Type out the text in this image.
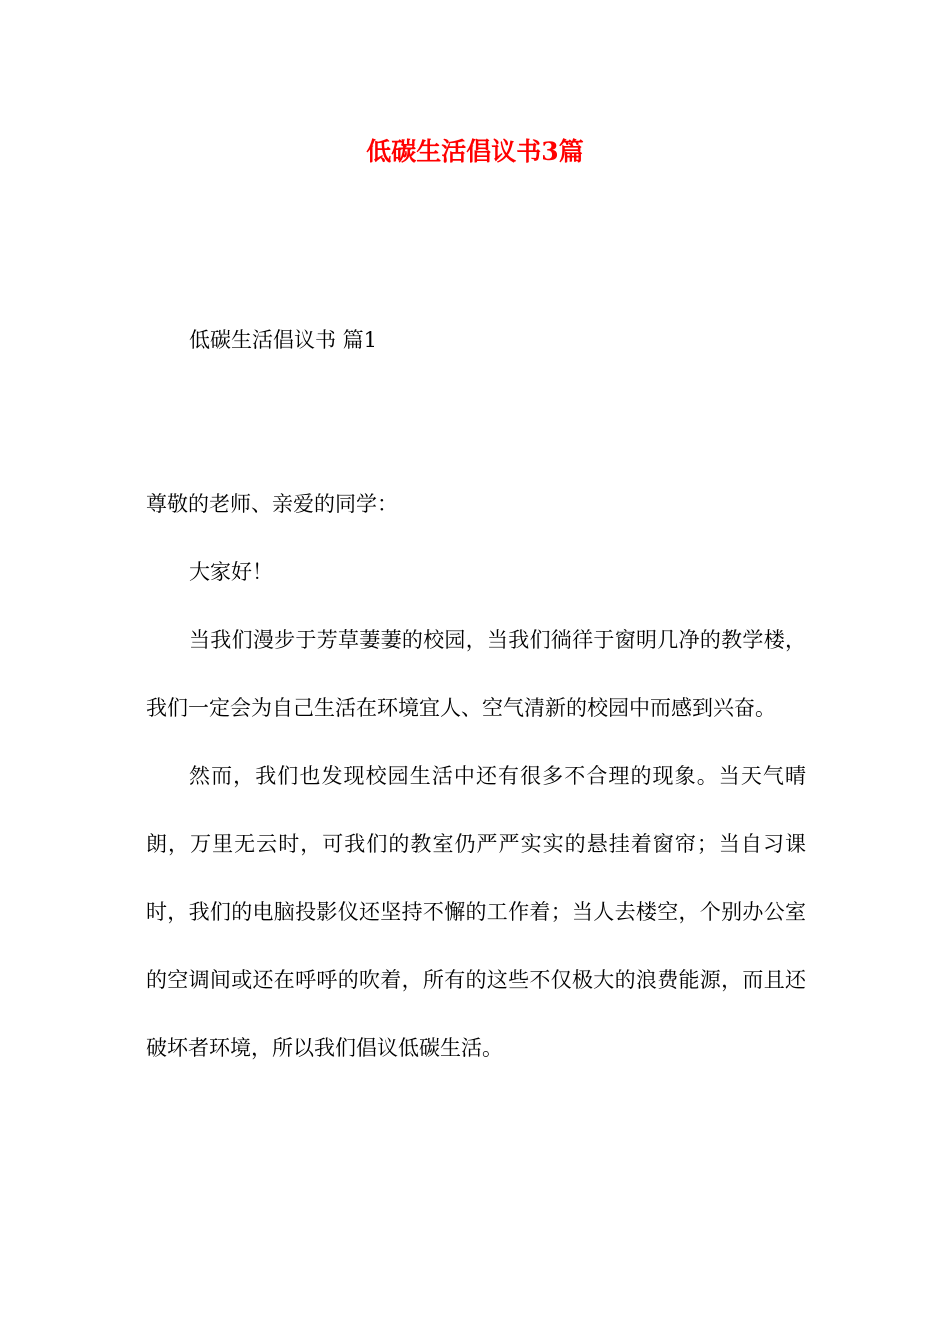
低碳生活倡议书3篇
低碳生活倡议书 篇1

尊敬的老师、亲爱的同学：

大家好！

当我们漫步于芳草萋萋的校园，当我们徜徉于窗明几净的教学楼，我们一定会为自己生活在环境宜人、空气清新的校园中而感到兴奋。

然而，我们也发现校园生活中还有很多不合理的现象。当天气晴朗，万里无云时，可我们的教室仍严严实实的悬挂着窗帘；当自习课时，我们的电脑投影仪还坚持不懈的工作着；当人去楼空，个别办公室的空调间或还在呼呼的吹着，所有的这些不仅极大的浪费能源，而且还破坏者环境，所以我们倡议低碳生活。
